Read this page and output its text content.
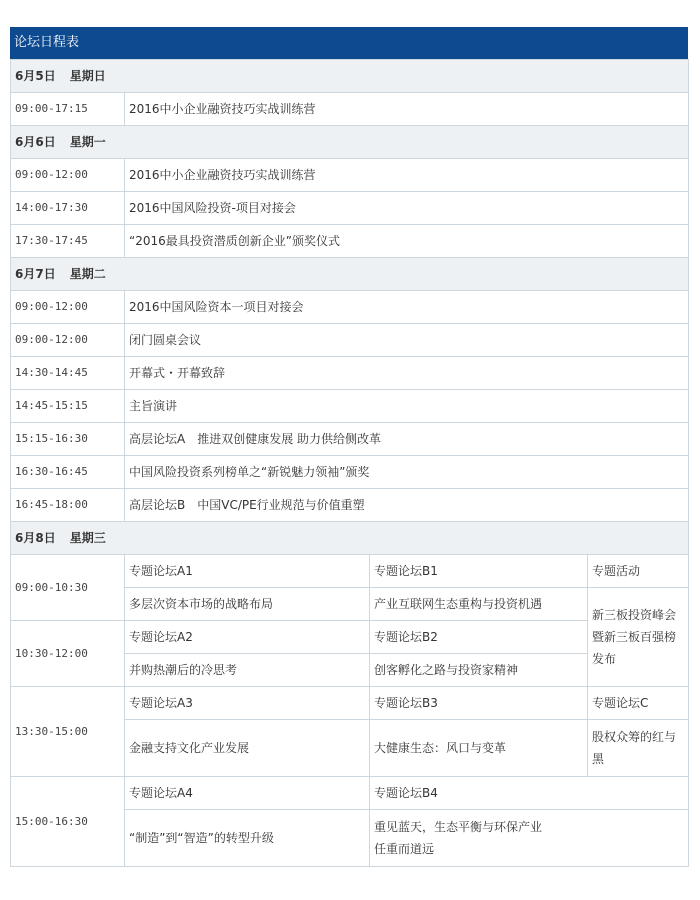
论坛日程表
6月5日 星期日			
09:00-17:15	2016中小企业融资技巧实战训练营		
6月6日 星期一			
09:00-12:00	2016中小企业融资技巧实战训练营		
14:00-17:30	2016中国风险投资-项目对接会		
17:30-17:45	“2016最具投资潜质创新企业”颁奖仪式		
6月7日 星期二			
09:00-12:00	2016中国风险资本一项目对接会		
09:00-12:00	闭门圆桌会议		
14:30-14:45	开幕式・开幕致辞		
14:45-15:15	主旨演讲		
15:15-16:30	高层论坛A　推进双创健康发展 助力供给侧改革		
16:30-16:45	中国风险投资系列榜单之“新锐魅力领袖”颁奖		
16:45-18:00	高层论坛B　中国VC/PE行业规范与价值重塑		
6月8日 星期三			
09:00-10:30	专题论坛A1	专题论坛B1	专题活动
	多层次资本市场的战略布局	产业互联网生态重构与投资机遇	新三板投资峰会
暨新三板百强榜
发布

10:30-12:00	专题论坛A2	专题论坛B2	
	并购热潮后的冷思考	创客孵化之路与投资家精神	
13:30-15:00	专题论坛A3	专题论坛B3	专题论坛C
	金融支持文化产业发展	大健康生态：风口与变革	股权众筹的红与
黑

15:00-16:30	专题论坛A4	专题论坛B4	
	“制造”到“智造”的转型升级	重见蓝天，生态平衡与环保产业
任重而道远	
